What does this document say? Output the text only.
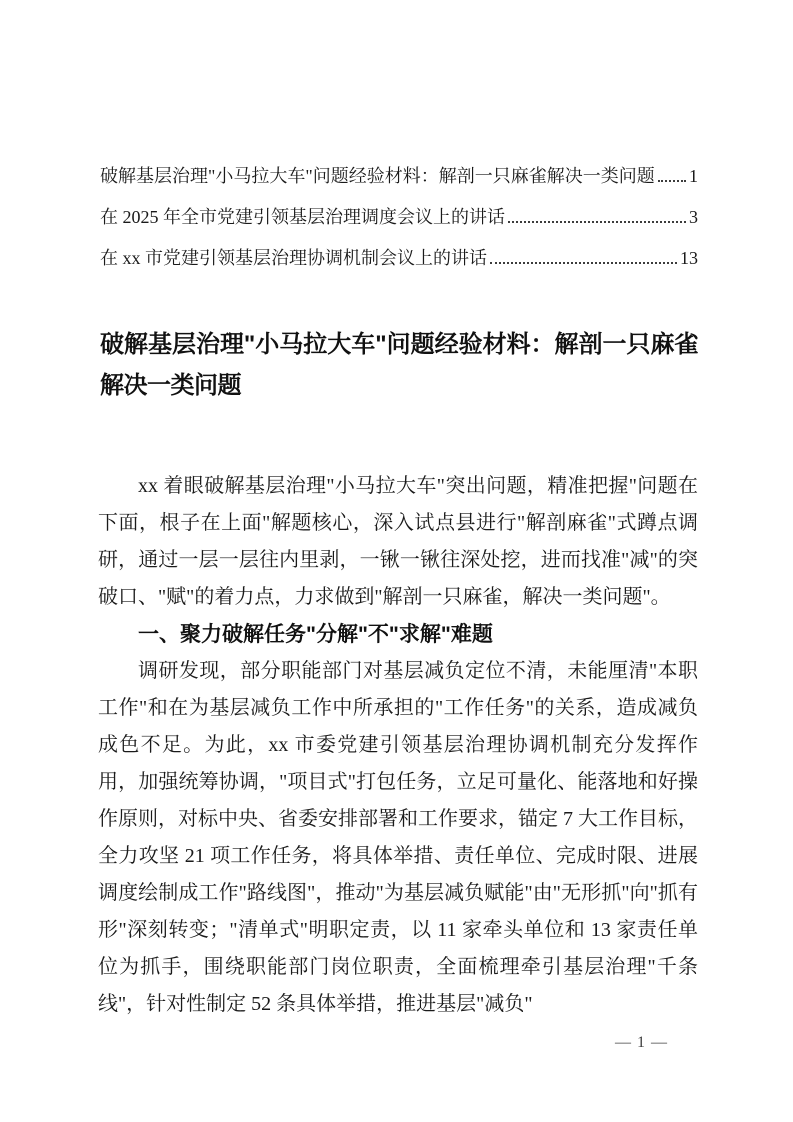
破解基层治理"小马拉大车"问题经验材料：解剖一只麻雀解决一类问题 1
在 2025 年全市党建引领基层治理调度会议上的讲话	3
在 xx 市党建引领基层治理协调机制会议上的讲话	13
破解基层治理"小马拉大车"问题经验材料：解剖一只麻雀解决一类问题

xx 着眼破解基层治理"小马拉大车"突出问题，精准把握"问题在下面，根子在上面"解题核心，深入试点县进行"解剖麻雀"式蹲点调研，通过一层一层往内里剥，一锹一锹往深处挖，进而找准"减"的突破口、"赋"的着力点，力求做到"解剖一只麻雀，解决一类问题"。

一、聚力破解任务"分解"不"求解"难题

调研发现，部分职能部门对基层减负定位不清，未能厘清"本职工作"和在为基层减负工作中所承担的"工作任务"的关系，造成减负成色不足。为此，xx 市委党建引领基层治理协调机制充分发挥作用，加强统筹协调，"项目式"打包任务，立足可量化、能落地和好操作原则，对标中央、省委安排部署和工作要求，锚定 7 大工作目标，全力攻坚 21 项工作任务，将具体举措、责任单位、完成时限、进展调度绘制成工作"路线图"，推动"为基层减负赋能"由"无形抓"向"抓有形"深刻转变；"清单式"明职定责，以 11 家牵头单位和 13 家责任单位为抓手，围绕职能部门岗位职责，全面梳理牵引基层治理"千条线"，针对性制定 52 条具体举措，推进基层"减负"

— 1 —
